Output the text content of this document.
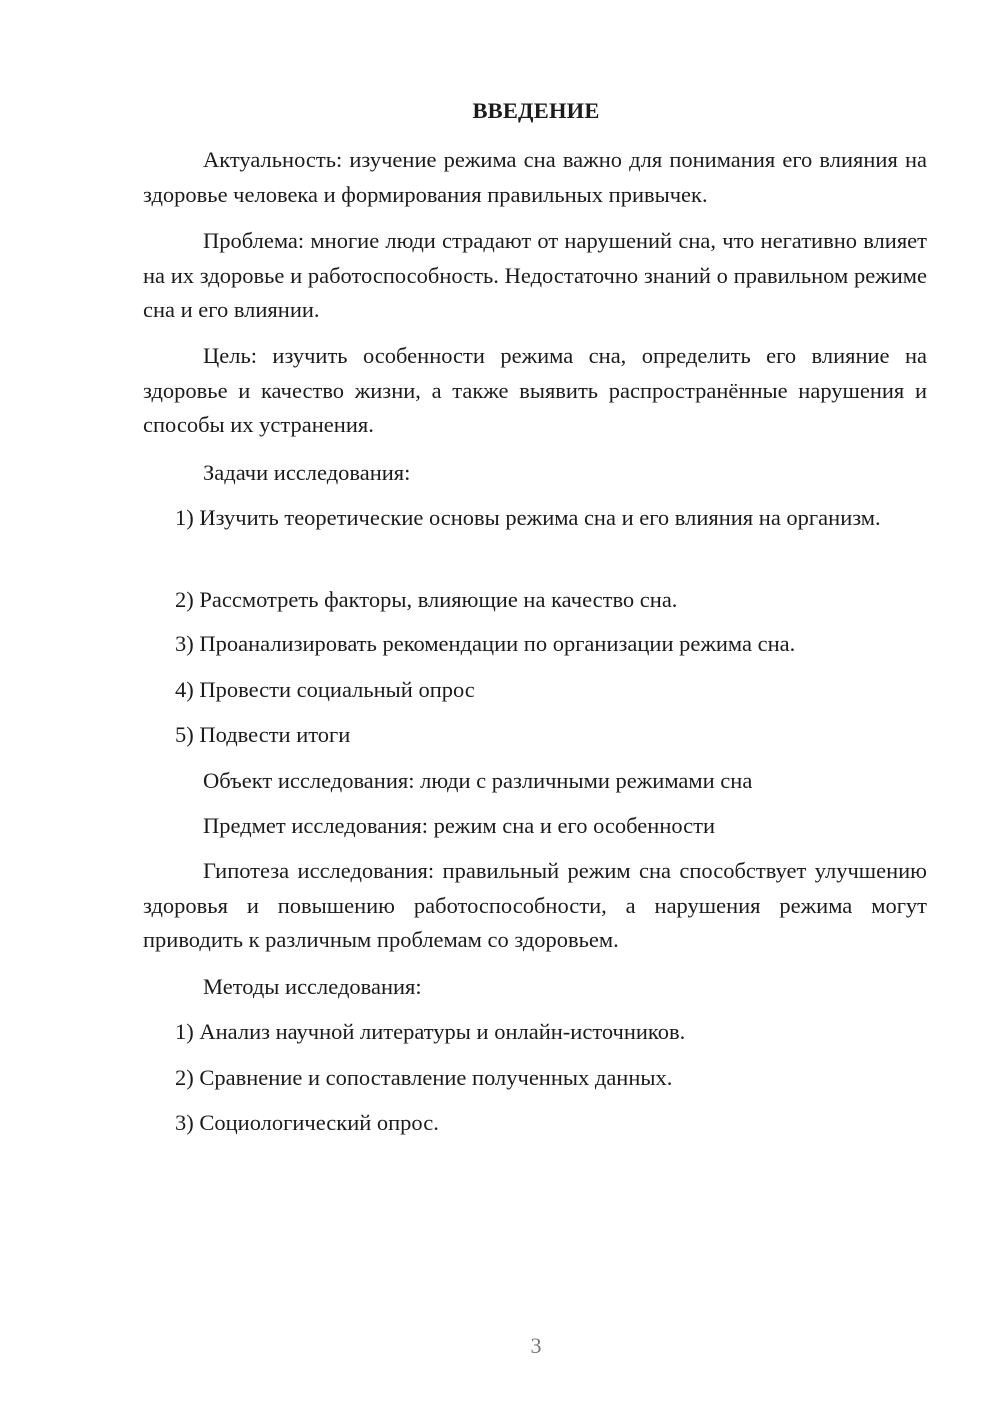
ВВЕДЕНИЕ

Актуальность: изучение режима сна важно для понимания его влияния на здоровье человека и формирования правильных привычек.

Проблема: многие люди страдают от нарушений сна, что негативно влияет на их здоровье и работоспособность. Недостаточно знаний о правильном режиме сна и его влиянии.

Цель: изучить особенности режима сна, определить его влияние на здоровье и качество жизни, а также выявить распространённые нарушения и способы их устранения.

Задачи исследования:

1) Изучить теоретические основы режима сна и его влияния на организм.

2) Рассмотреть факторы, влияющие на качество сна.

3) Проанализировать рекомендации по организации режима сна.

4) Провести социальный опрос

5) Подвести итоги

Объект исследования: люди с различными режимами сна

Предмет исследования: режим сна и его особенности

Гипотеза исследования: правильный режим сна способствует улучшению здоровья и повышению работоспособности, а нарушения режима могут приводить к различным проблемам со здоровьем.

Методы исследования:

1) Анализ научной литературы и онлайн-источников.

2) Сравнение и сопоставление полученных данных.

3) Социологический опрос.

3
